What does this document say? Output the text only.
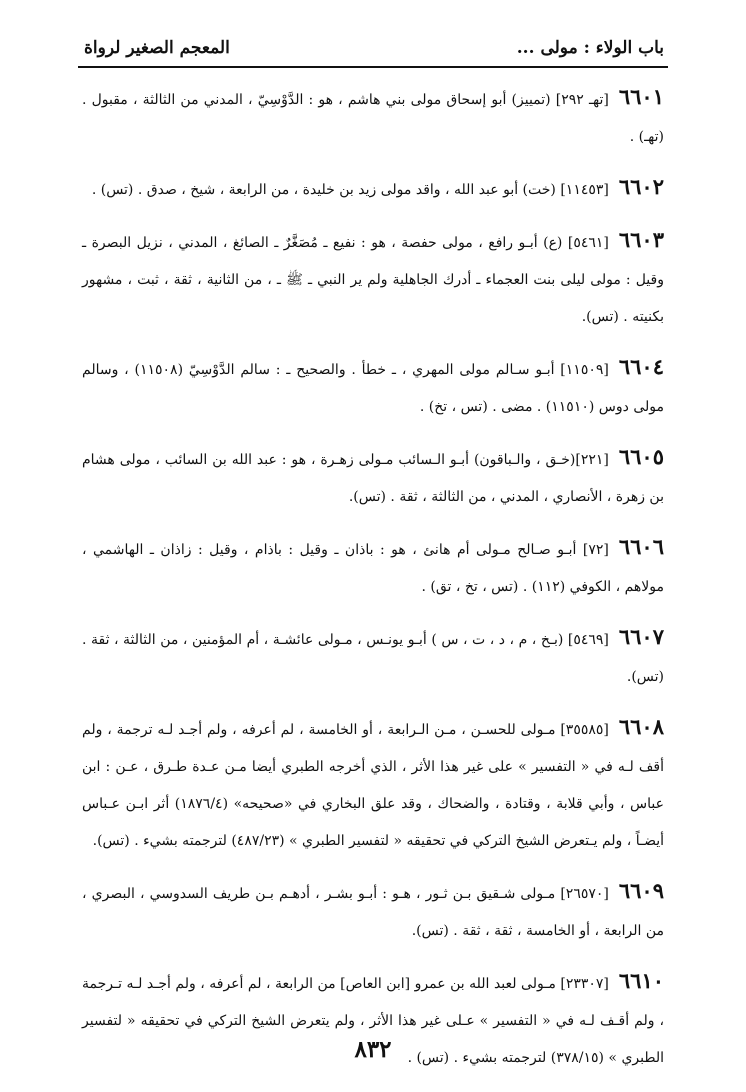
باب الولاء : مولى ...
المعجم الصغير لرواة
٦٦٠١[تهـ ٢٩٢] (تمييز) أبو إسحاق مولى بني هاشم ، هو : الدَّوْسِيّ ، المدني من الثالثة ، مقبول . (تهـ) .
٦٦٠٢[١١٤٥٣] (خت) أبو عبد الله ، واقد مولى زيد بن خليدة ، من الرابعة ، شيخ ، صدق . (تس) .
٦٦٠٣[٥٤٦١] (ع) أبـو رافع ، مولى حفصة ، هو : نفيع ـ مُصَغَّرٌ ـ الصائغ ، المدني ، نزيل البصرة ـ وقيل : مولى ليلى بنت العجماء ـ أدرك الجاهلية ولم ير النبي ـ ﷺ ـ ، من الثانية ، ثقة ، ثبت ، مشهور بكنيته . (تس).
٦٦٠٤[١١٥٠٩] أبـو سـالم مولى المهري ، ـ خطأ . والصحيح ـ : سالم الدَّوْسِيّ (١١٥٠٨) ، وسالم مولى دوس (١١٥١٠) . مضى . (تس ، تخ) .
٦٦٠٥[٢٢١](خـق ، والـباقون) أبـو الـسائب مـولى زهـرة ، هو : عبد الله بن السائب ، مولى هشام بن زهرة ، الأنصاري ، المدني ، من الثالثة ، ثقة . (تس).
٦٦٠٦[٧٢] أبـو صـالح مـولى أم هانئ ، هو : باذان ـ وقيل : باذام ، وقيل : زاذان ـ الهاشمي ، مولاهم ، الكوفي (١١٢) . (تس ، تخ ، تق) .
٦٦٠٧[٥٤٦٩] (بـخ ، م ، د ، ت ، س ) أبـو يونـس ، مـولى عائشـة ، أم المؤمنين ، من الثالثة ، ثقة . (تس).
٦٦٠٨[٣٥٥٨٥] مـولى للحسـن ، مـن الـرابعة ، أو الخامسة ، لم أعرفه ، ولم أجـد لـه ترجمة ، ولم أقف لـه في « التفسير » على غير هذا الأثر ، الذي أخرجه الطبري أيضا مـن عـدة طـرق ، عـن : ابن عباس ، وأبي قلابة ، وقتادة ، والضحاك ، وقد علق البخاري في «صحيحه» (١٨٧٦/٤) أثر ابـن عـباس أيضـاً ، ولم يـتعرض الشيخ التركي في تحقيقه « لتفسير الطبري » (٤٨٧/٢٣) لترجمته بشيء . (تس).
٦٦٠٩[٢٦٥٧٠] مـولى شـقيق بـن ثـور ، هـو : أبـو بشـر ، أدهـم بـن طريف السدوسي ، البصري ، من الرابعة ، أو الخامسة ، ثقة ، ثقة . (تس).
٦٦١٠[٢٣٣٠٧] مـولى لعبد الله بن عمرو [ابن العاص] من الرابعة ، لم أعرفه ، ولم أجـد لـه تـرجمة ، ولم أقـف لـه في « التفسير » عـلى غير هذا الأثر ، ولم يتعرض الشيخ التركي في تحقيقه « لتفسير الطبري » (٣٧٨/١٥) لترجمته بشيء . (تس) .
٨٣٢
